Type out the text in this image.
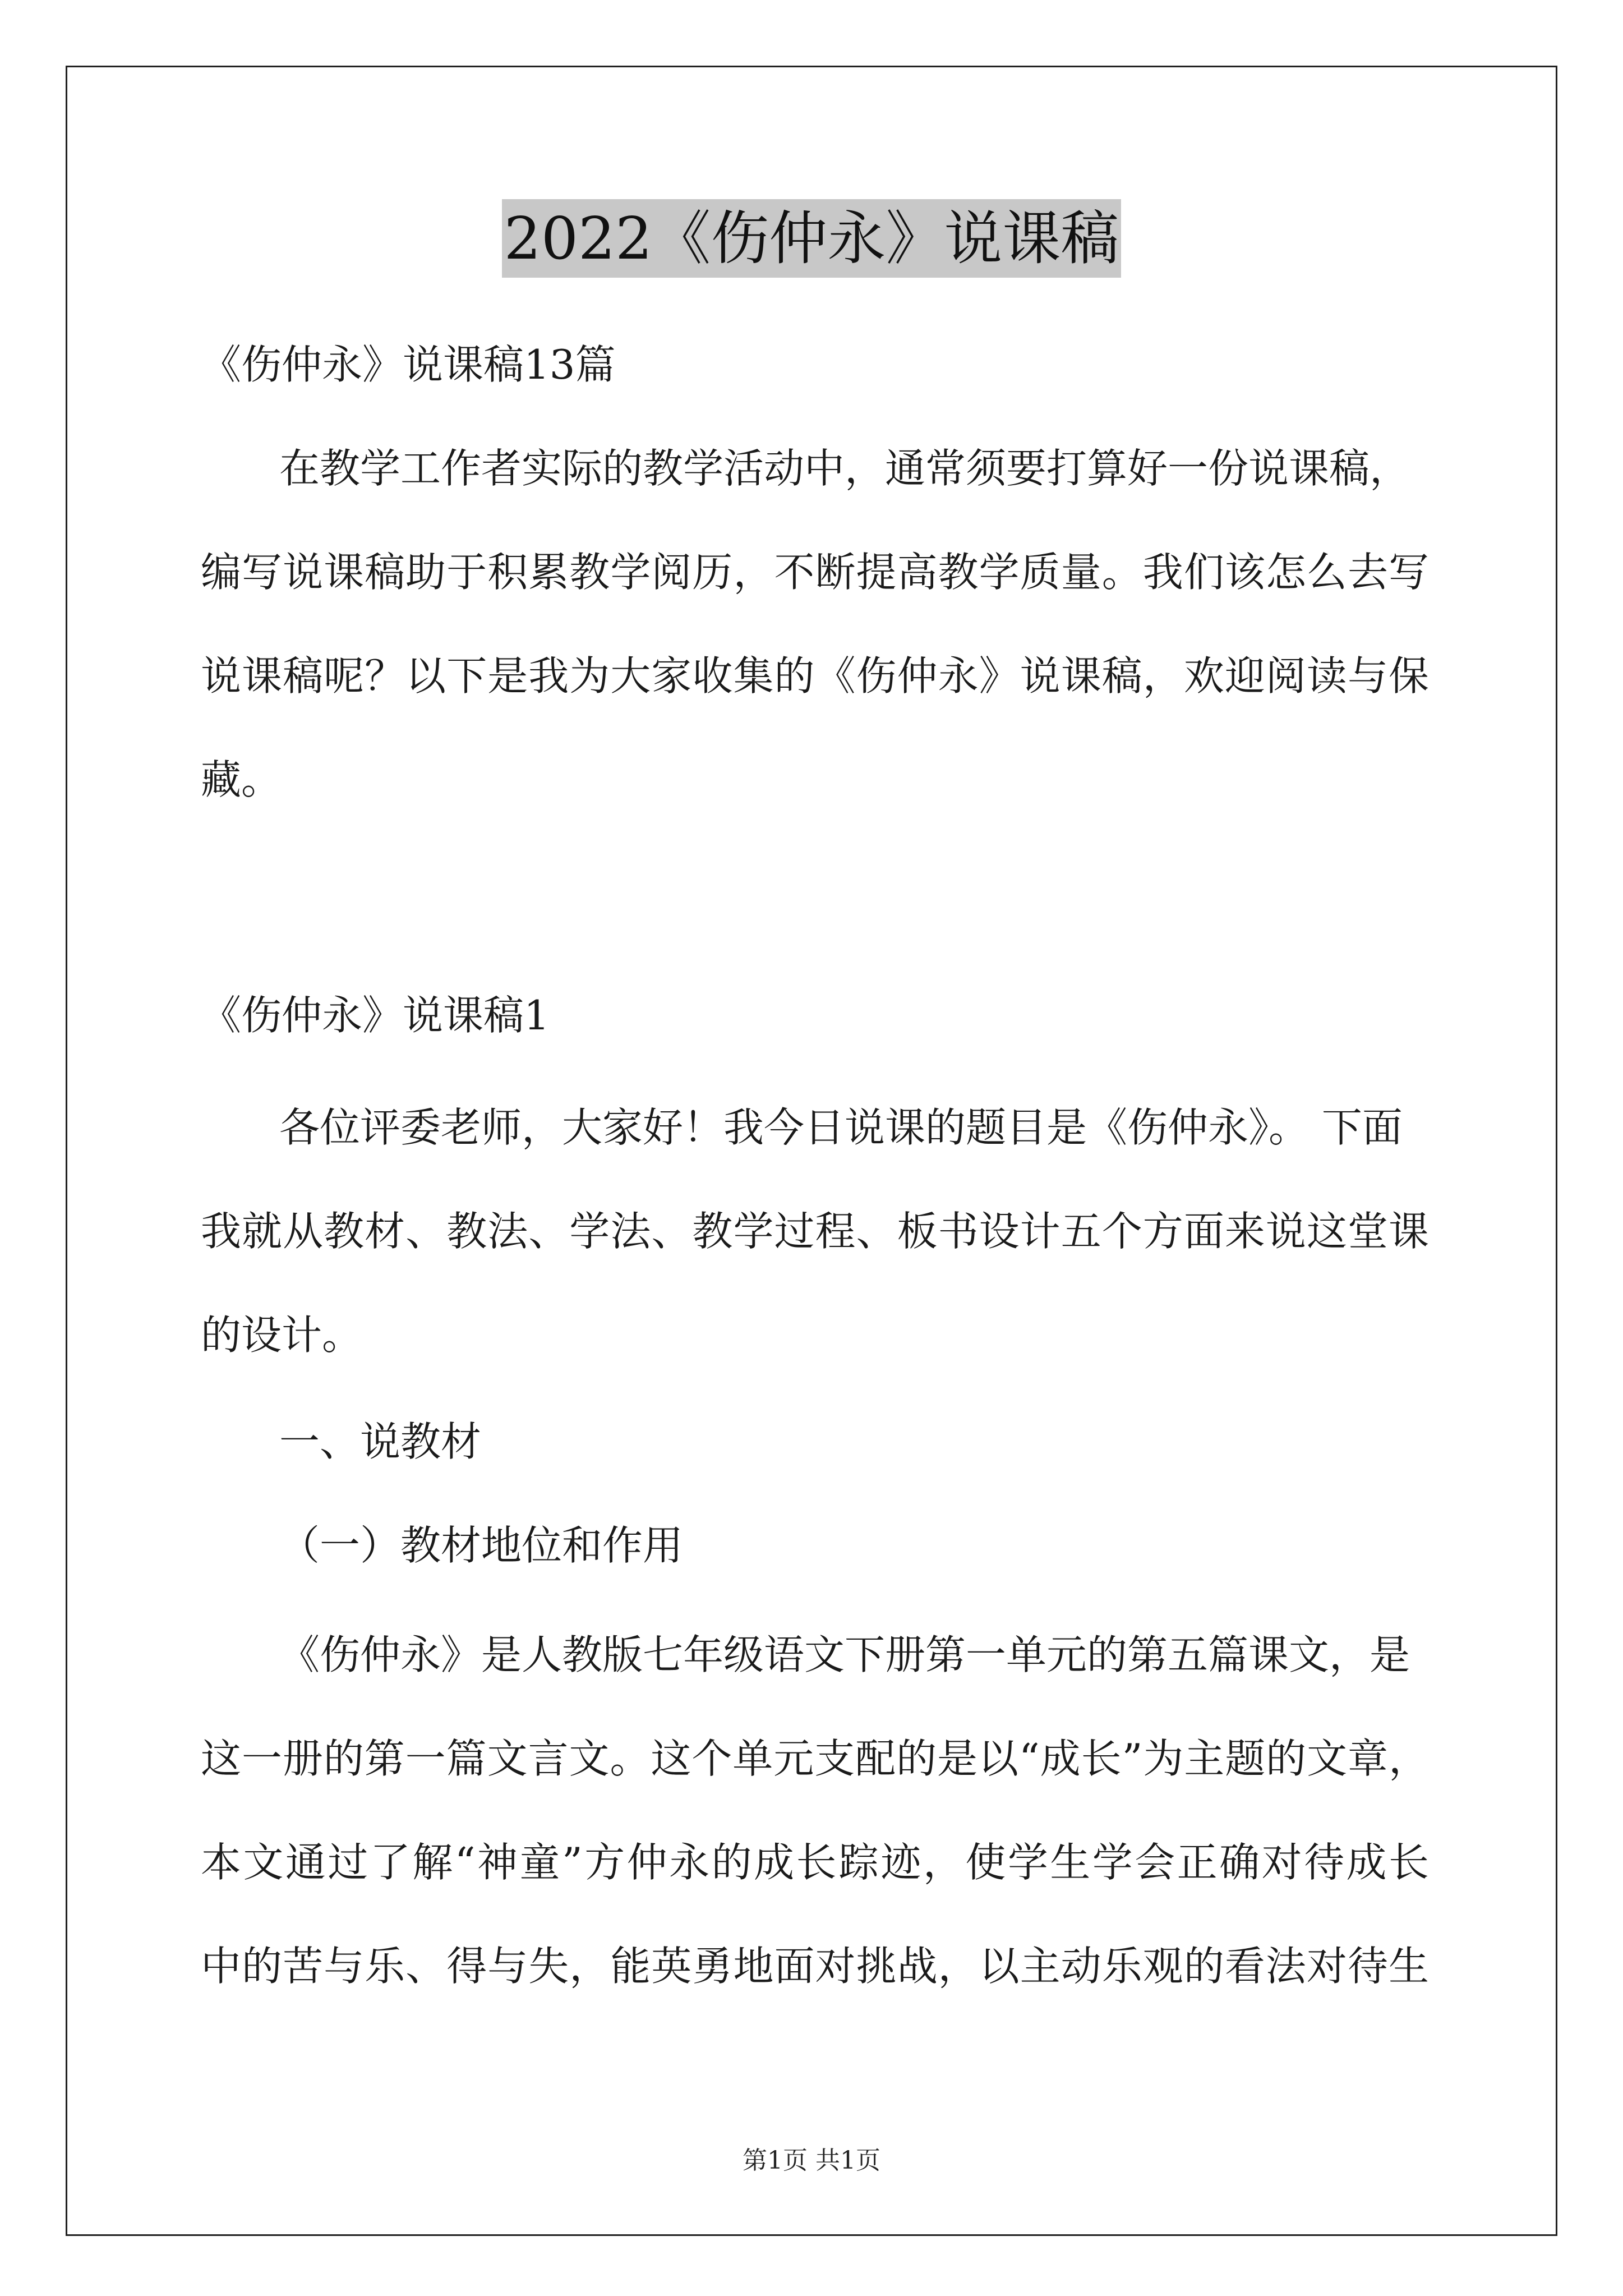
2022《伤仲永》说课稿
《伤仲永》说课稿13篇
在教学工作者实际的教学活动中，通常须要打算好一份说课稿，
编写说课稿助于积累教学阅历，不断提高教学质量。我们该怎么去写
说课稿呢？以下是我为大家收集的《伤仲永》说课稿，欢迎阅读与保
藏。
《伤仲永》说课稿1
各位评委老师，大家好！我今日说课的题目是《伤仲永》。 下面
我就从教材、教法、学法、教学过程、板书设计五个方面来说这堂课
的设计。
一、说教材
（一）教材地位和作用
《伤仲永》是人教版七年级语文下册第一单元的第五篇课文，是
这一册的第一篇文言文。这个单元支配的是以“成长”为主题的文章，
本文通过了解“神童”方仲永的成长踪迹，使学生学会正确对待成长
中的苦与乐、得与失，能英勇地面对挑战，以主动乐观的看法对待生
第1页 共1页
